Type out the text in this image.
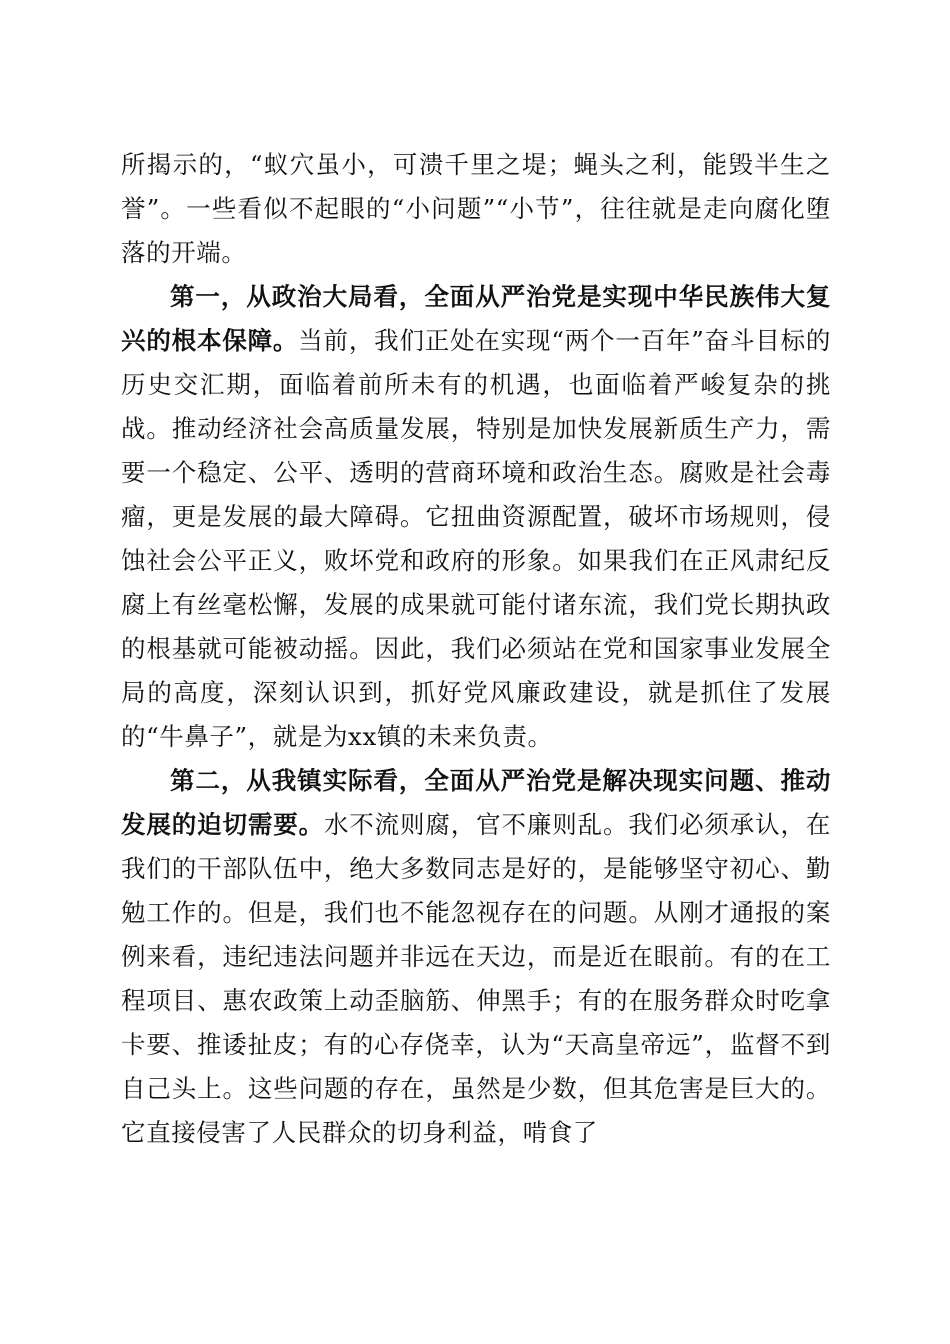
所揭示的，“蚁穴虽小，可溃千里之堤；蝇头之利，能毁半生之誉”。一些看似不起眼的“小问题”“小节”，往往就是走向腐化堕落的开端。

第一，从政治大局看，全面从严治党是实现中华民族伟大复兴的根本保障。当前，我们正处在实现“两个一百年”奋斗目标的历史交汇期，面临着前所未有的机遇，也面临着严峻复杂的挑战。推动经济社会高质量发展，特别是加快发展新质生产力，需要一个稳定、公平、透明的营商环境和政治生态。腐败是社会毒瘤，更是发展的最大障碍。它扭曲资源配置，破坏市场规则，侵蚀社会公平正义，败坏党和政府的形象。如果我们在正风肃纪反腐上有丝毫松懈，发展的成果就可能付诸东流，我们党长期执政的根基就可能被动摇。因此，我们必须站在党和国家事业发展全局的高度，深刻认识到，抓好党风廉政建设，就是抓住了发展的“牛鼻子”，就是为xx镇的未来负责。

第二，从我镇实际看，全面从严治党是解决现实问题、推动发展的迫切需要。水不流则腐，官不廉则乱。我们必须承认，在我们的干部队伍中，绝大多数同志是好的，是能够坚守初心、勤勉工作的。但是，我们也不能忽视存在的问题。从刚才通报的案例来看，违纪违法问题并非远在天边，而是近在眼前。有的在工程项目、惠农政策上动歪脑筋、伸黑手；有的在服务群众时吃拿卡要、推诿扯皮；有的心存侥幸，认为“天高皇帝远”，监督不到自己头上。这些问题的存在，虽然是少数，但其危害是巨大的。它直接侵害了人民群众的切身利益，啃食了
